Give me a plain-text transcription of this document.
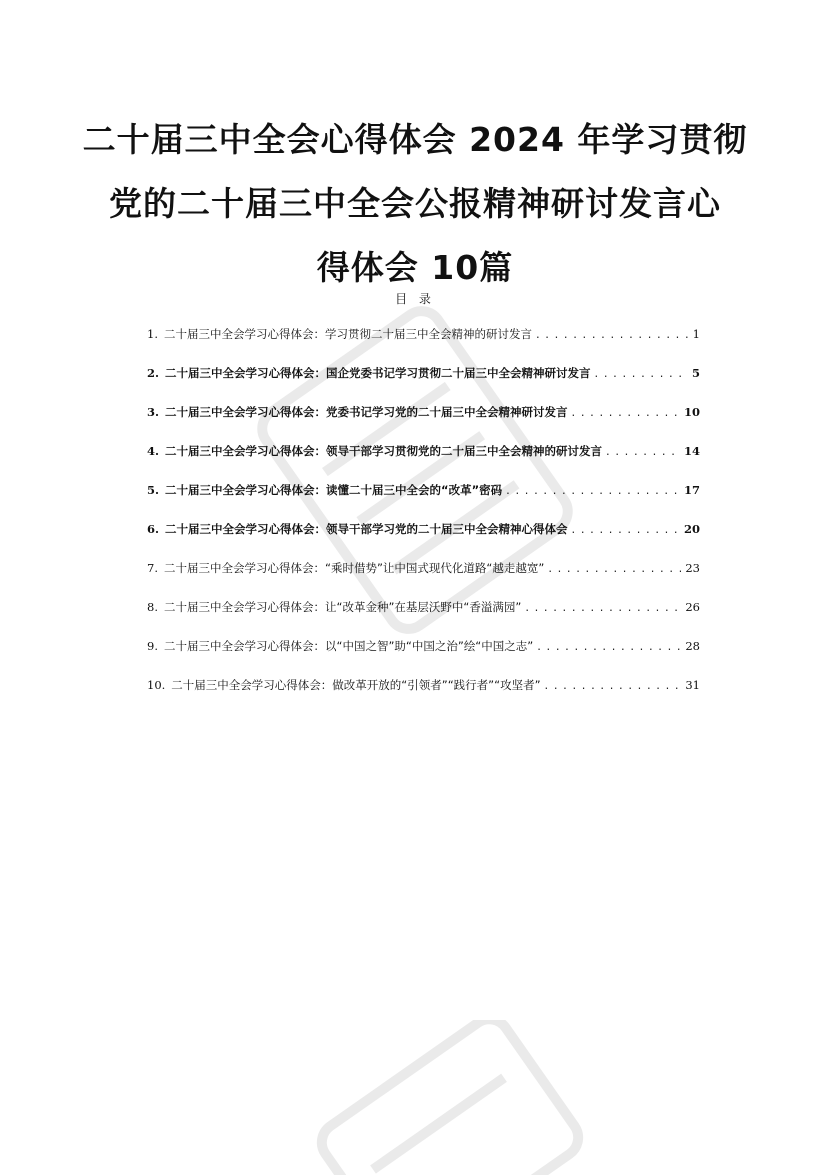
二十届三中全会心得体会 2024 年学习贯彻
党的二十届三中全会公报精神研讨发言心
得体会 10篇
目 录
1. 二十届三中全会学习心得体会：学习贯彻二十届三中全会精神的研讨发言 . . .	1
2. 二十届三中全会学习心得体会：国企党委书记学习贯彻二十届三中全会精神研讨发言 . . .	5
3. 二十届三中全会学习心得体会：党委书记学习党的二十届三中全会精神研讨发言 . . .	10
4. 二十届三中全会学习心得体会：领导干部学习贯彻党的二十届三中全会精神的研讨发言 . . .	14
5. 二十届三中全会学习心得体会：读懂二十届三中全会的“改革”密码 . . .	17
6. 二十届三中全会学习心得体会：领导干部学习党的二十届三中全会精神心得体会 . . .	20
7. 二十届三中全会学习心得体会：“乘时借势”让中国式现代化道路“越走越宽” . . .	23
8. 二十届三中全会学习心得体会：让“改革金种”在基层沃野中“香溢满园” . . .	26
9. 二十届三中全会学习心得体会：以“中国之智”助“中国之治”绘“中国之志” . . .	28
10. 二十届三中全会学习心得体会：做改革开放的“引领者”“践行者”“攻坚者” . . .	31
